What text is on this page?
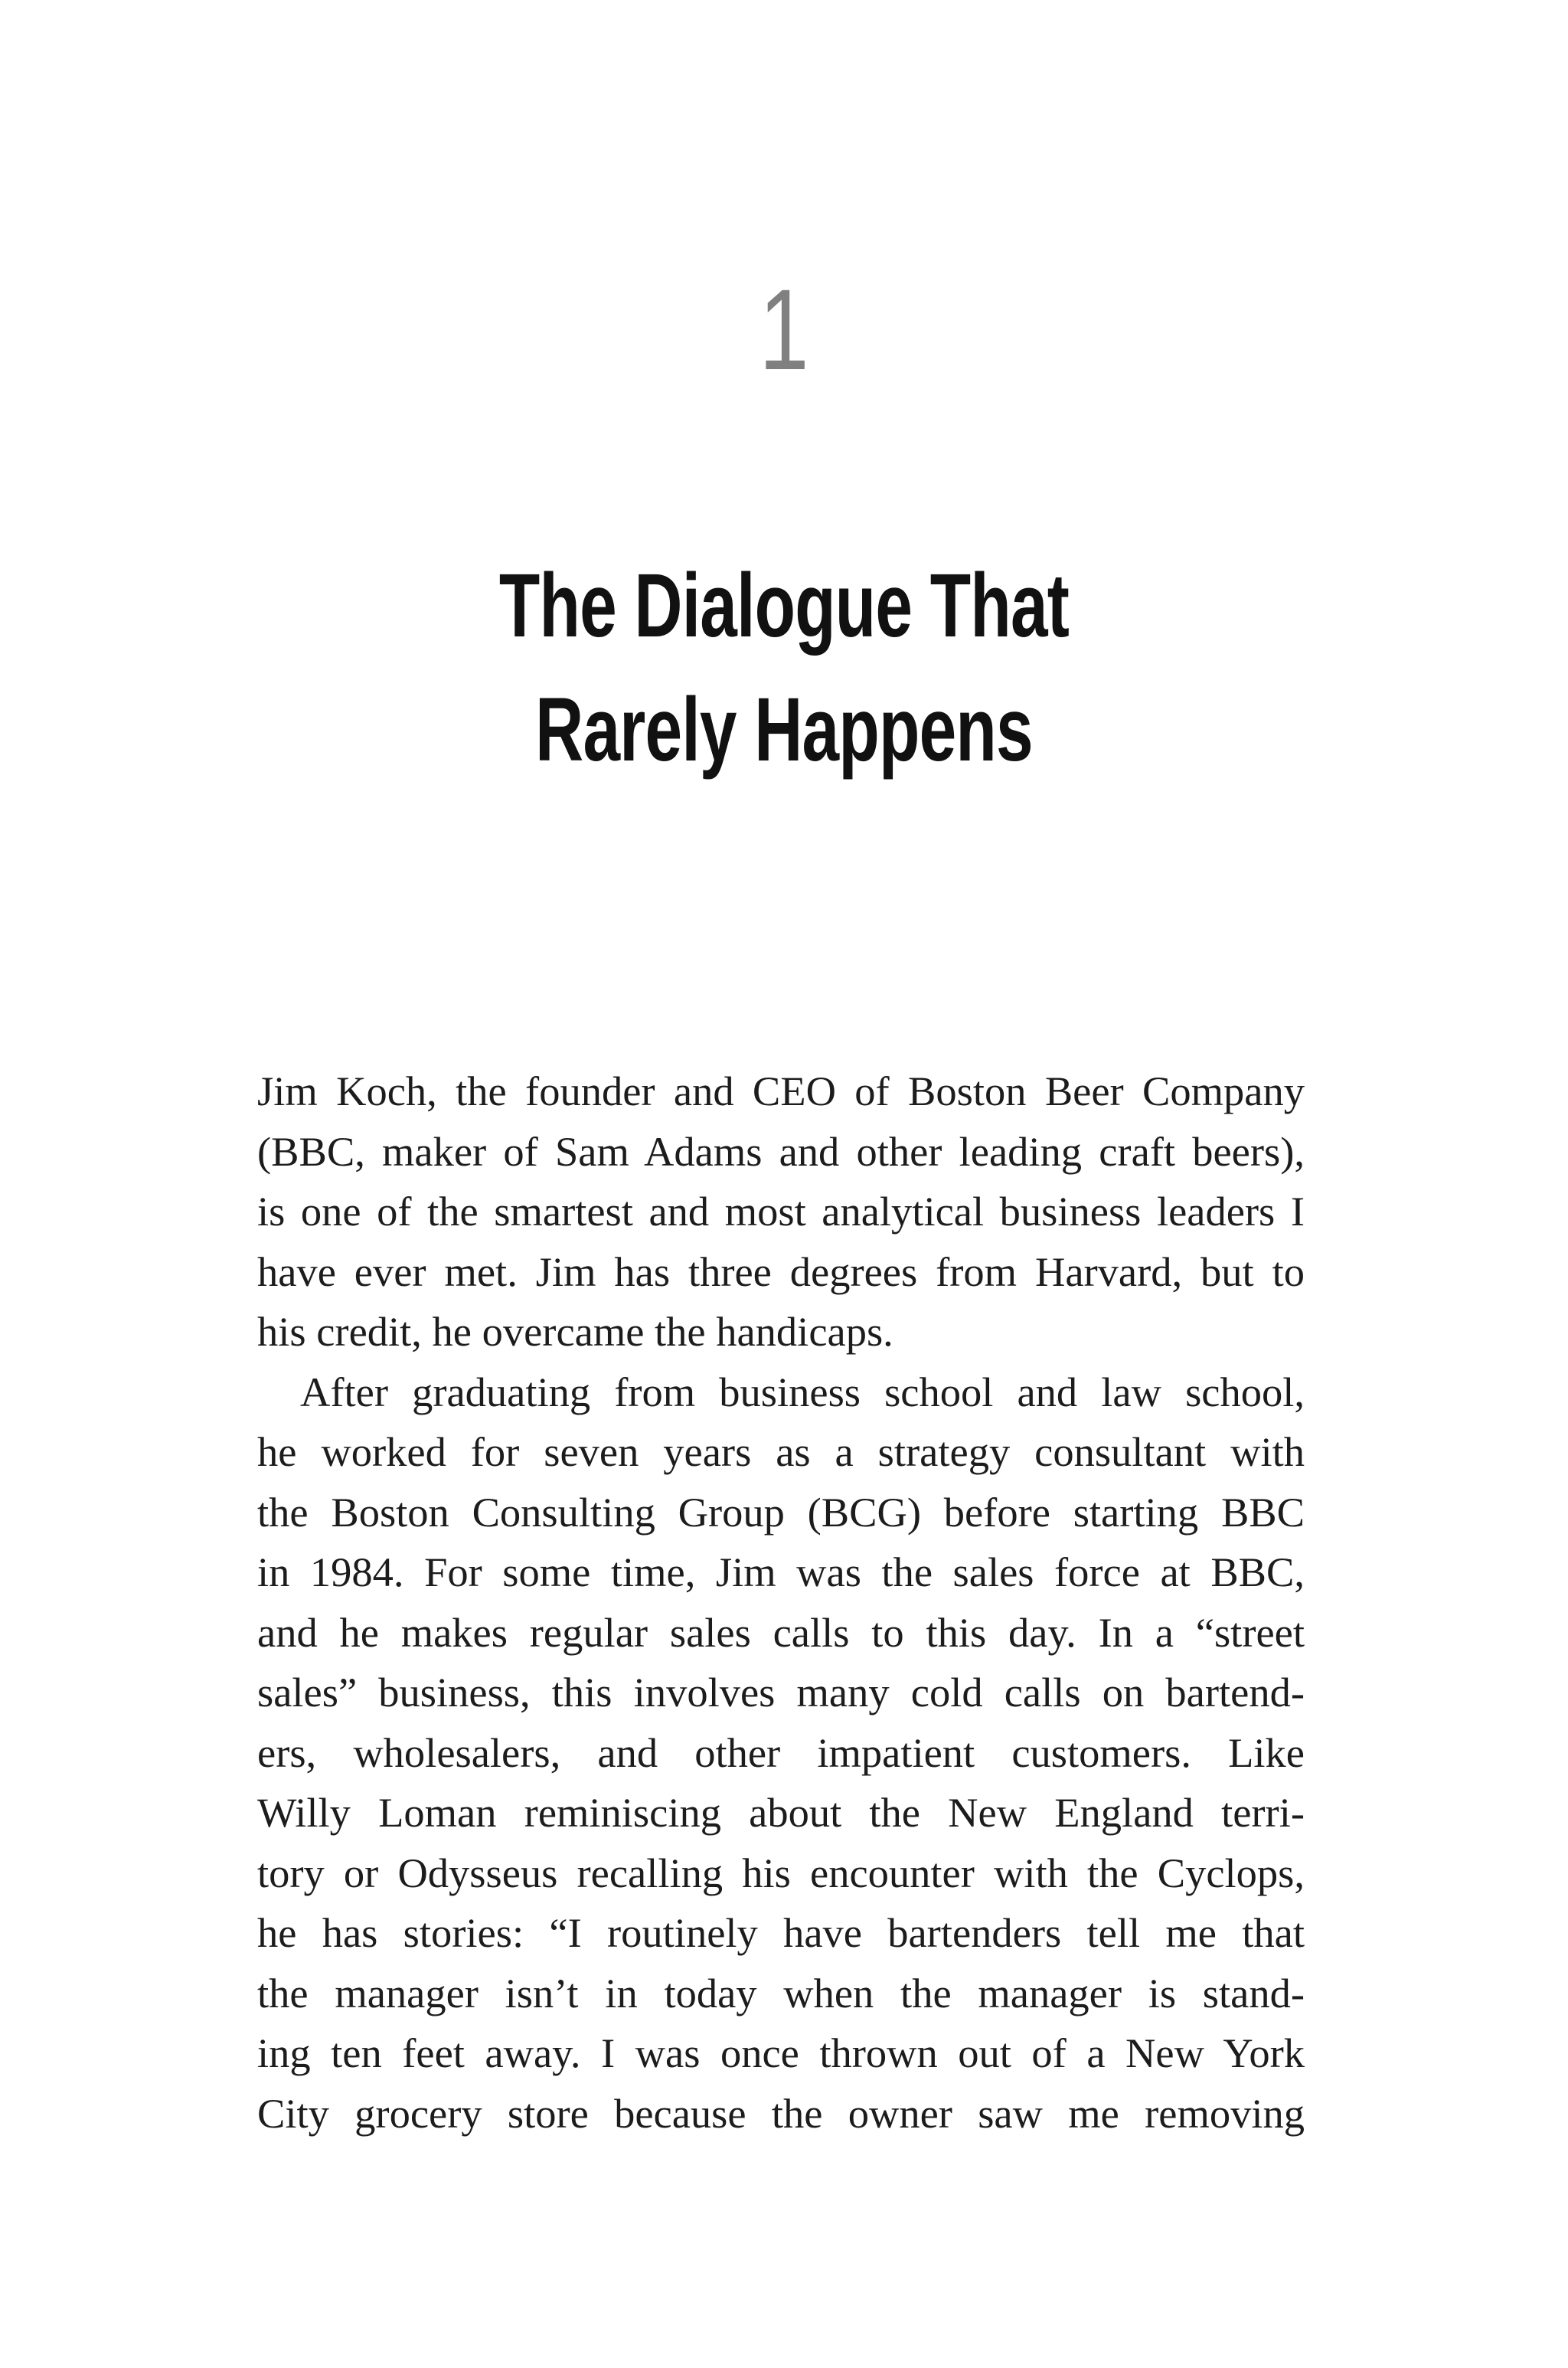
1
The Dialogue That
Rarely Happens
Jim Koch, the founder and CEO of Boston Beer Company
(BBC, maker of Sam Adams and other leading craft beers),
is one of the smartest and most analytical business leaders I
have ever met. Jim has three degrees from Harvard, but to
his credit, he overcame the handicaps.
After graduating from business school and law school,
he worked for seven years as a strategy consultant with
the Boston Consulting Group (BCG) before starting BBC
in 1984. For some time, Jim was the sales force at BBC,
and he makes regular sales calls to this day. In a “street
sales” business, this involves many cold calls on bartend-
ers, wholesalers, and other impatient customers. Like
Willy Loman reminiscing about the New England terri-
tory or Odysseus recalling his encounter with the Cyclops,
he has stories: “I routinely have bartenders tell me that
the manager isn’t in today when the manager is stand-
ing ten feet away. I was once thrown out of a New York
City grocery store because the owner saw me removing
